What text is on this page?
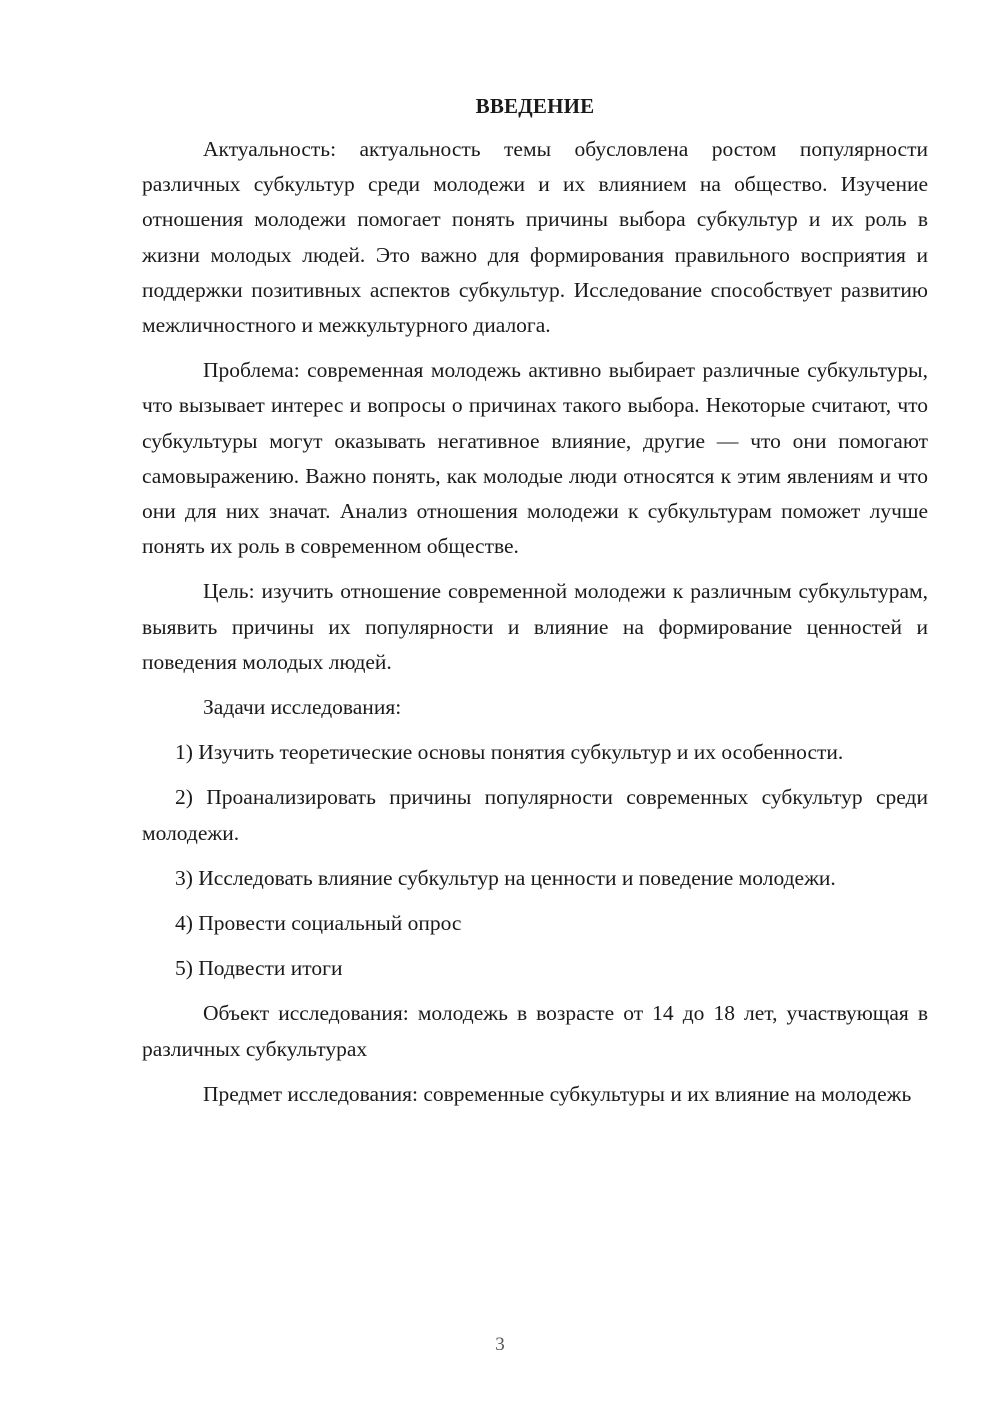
ВВЕДЕНИЕ

Актуальность: актуальность темы обусловлена ростом популярности различных субкультур среди молодежи и их влиянием на общество. Изучение отношения молодежи помогает понять причины выбора субкультур и их роль в жизни молодых людей. Это важно для формирования правильного восприятия и поддержки позитивных аспектов субкультур. Исследование способствует развитию межличностного и межкультурного диалога.

Проблема: современная молодежь активно выбирает различные субкультуры, что вызывает интерес и вопросы о причинах такого выбора. Некоторые считают, что субкультуры могут оказывать негативное влияние, другие — что они помогают самовыражению. Важно понять, как молодые люди относятся к этим явлениям и что они для них значат. Анализ отношения молодежи к субкультурам поможет лучше понять их роль в современном обществе.

Цель: изучить отношение современной молодежи к различным субкультурам, выявить причины их популярности и влияние на формирование ценностей и поведения молодых людей.

Задачи исследования:

1) Изучить теоретические основы понятия субкультур и их особенности.

2) Проанализировать причины популярности современных субкультур среди молодежи.

3) Исследовать влияние субкультур на ценности и поведение молодежи.

4) Провести социальный опрос

5) Подвести итоги

Объект исследования: молодежь в возрасте от 14 до 18 лет, участвующая в различных субкультурах

Предмет исследования: современные субкультуры и их влияние на молодежь

3
